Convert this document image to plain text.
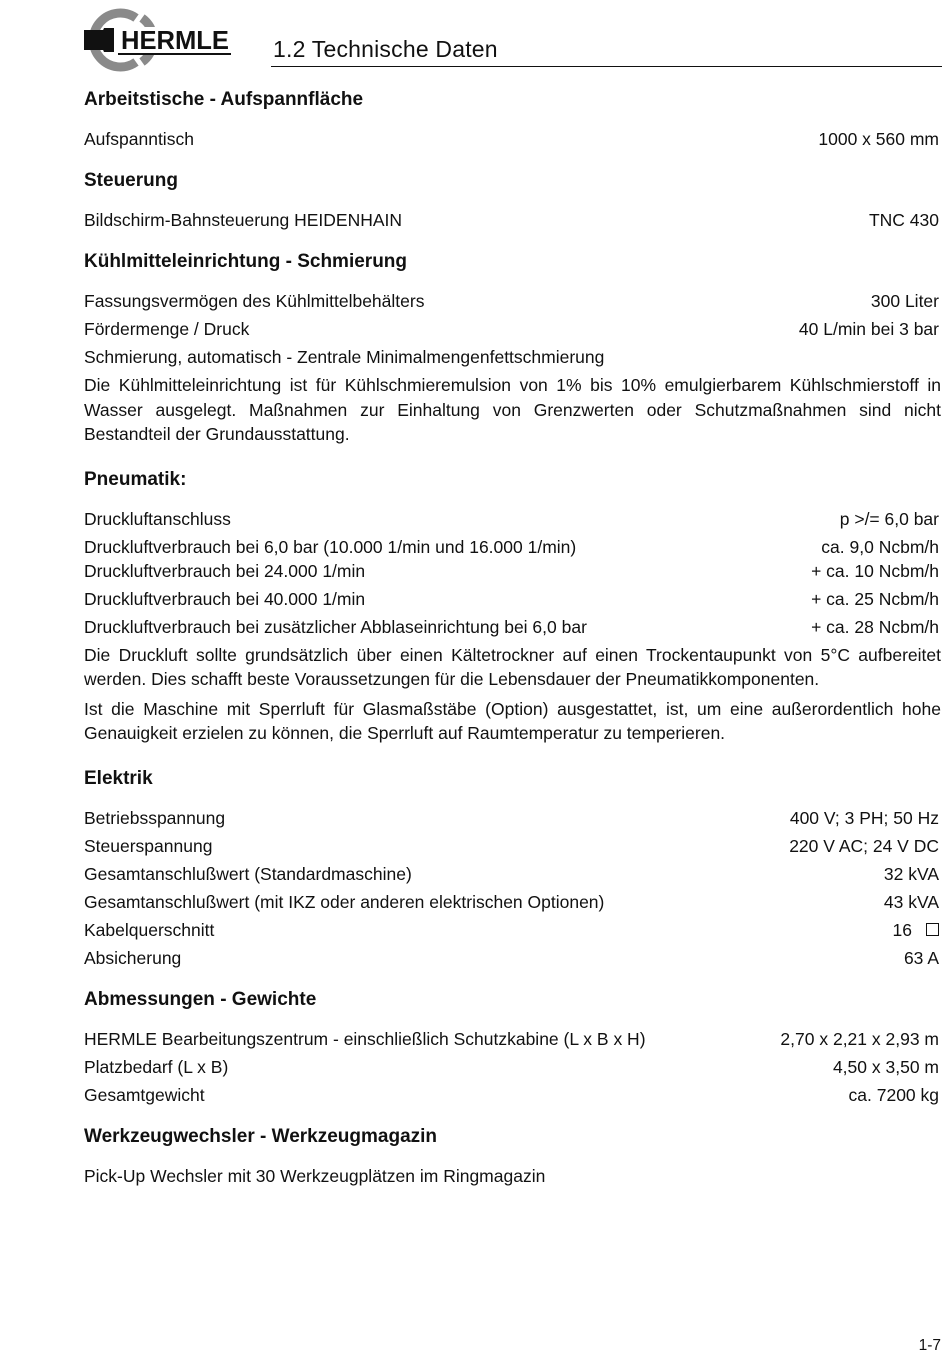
HERMLE 1.2 Technische Daten
Arbeitstische - Aufspannfläche
Aufspanntisch	1000 x 560 mm
Steuerung
Bildschirm-Bahnsteuerung HEIDENHAIN	TNC 430
Kühlmitteleinrichtung - Schmierung
Fassungsvermögen des Kühlmittelbehälters	300 Liter
Fördermenge / Druck	40 L/min bei 3 bar
Schmierung, automatisch - Zentrale Minimalmengenfettschmierung

Die Kühlmitteleinrichtung ist für Kühlschmieremulsion von 1% bis 10% emulgierbarem Kühlschmierstoff in Wasser ausgelegt. Maßnahmen zur Einhaltung von Grenzwerten oder Schutzmaßnahmen sind nicht Bestandteil der Grundausstattung.

Pneumatik:
Druckluftanschluss	p >/= 6,0 bar
Druckluftverbrauch bei 6,0 bar (10.000 1/min und 16.000 1/min)	ca. 9,0 Ncbm/h
Druckluftverbrauch bei 24.000 1/min	+ ca. 10 Ncbm/h
Druckluftverbrauch bei 40.000 1/min	+ ca. 25 Ncbm/h
Druckluftverbrauch bei zusätzlicher Abblaseinrichtung bei 6,0 bar	+ ca. 28 Ncbm/h

Die Druckluft sollte grundsätzlich über einen Kältetrockner auf einen Trockentaupunkt von 5°C aufbereitet werden. Dies schafft beste Voraussetzungen für die Lebensdauer der Pneumatikkomponenten.

Ist die Maschine mit Sperrluft für Glasmaßstäbe (Option) ausgestattet, ist, um eine außerordentlich hohe Genauigkeit erzielen zu können, die Sperrluft auf Raumtemperatur zu temperieren.

Elektrik
Betriebsspannung	400 V; 3 PH; 50 Hz
Steuerspannung	220 V AC; 24 V DC
Gesamtanschlußwert (Standardmaschine)	32 kVA
Gesamtanschlußwert (mit IKZ oder anderen elektrischen Optionen)	43 kVA
Kabelquerschnitt	16
Absicherung	63 A
Abmessungen - Gewichte
HERMLE Bearbeitungszentrum - einschließlich Schutzkabine (L x B x H)	2,70 x 2,21 x 2,93 m
Platzbedarf (L x B)	4,50 x 3,50 m
Gesamtgewicht	ca. 7200 kg
Werkzeugwechsler - Werkzeugmagazin
Pick-Up Wechsler mit 30 Werkzeugplätzen im Ringmagazin
1-7
